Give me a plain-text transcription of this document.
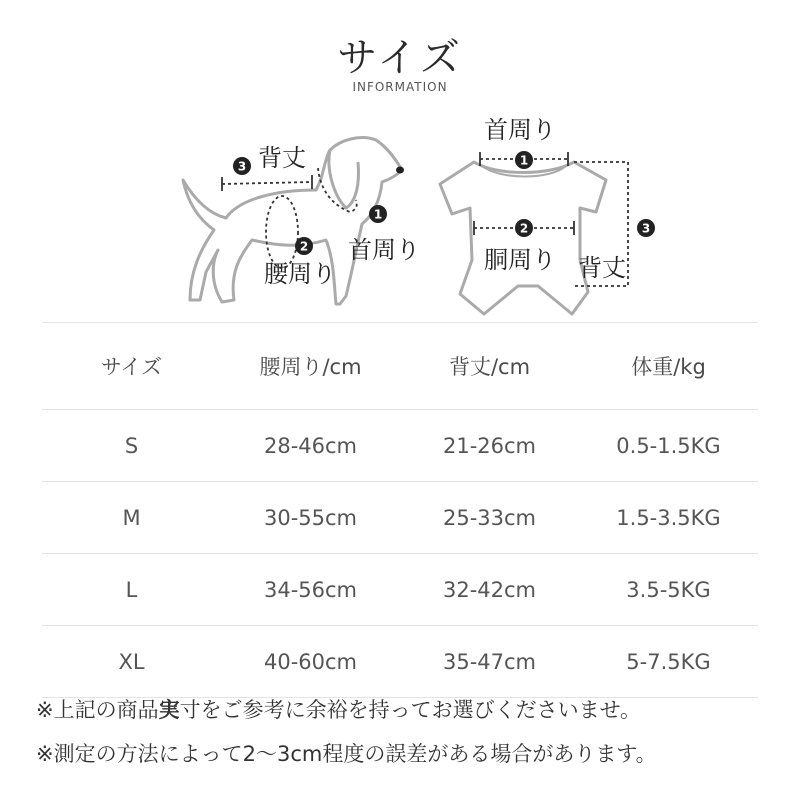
サイズ
INFORMATION
3
1
2
背丈
首周り
腰周り
1
2	3
首周り
胴周り 背丈
サイズ	腰周り/cm	背丈/cm	体重/kg
S	28-46cm	21-26cm	0.5-1.5KG
M	30-55cm	25-33cm	1.5-3.5KG
L	34-56cm	32-42cm	3.5-5KG
XL	40-60cm	35-47cm	5-7.5KG
※上記の商品実寸をご参考に余裕を持ってお選びくださいませ。
※測定の方法によって2〜3cm程度の誤差がある場合があります。
